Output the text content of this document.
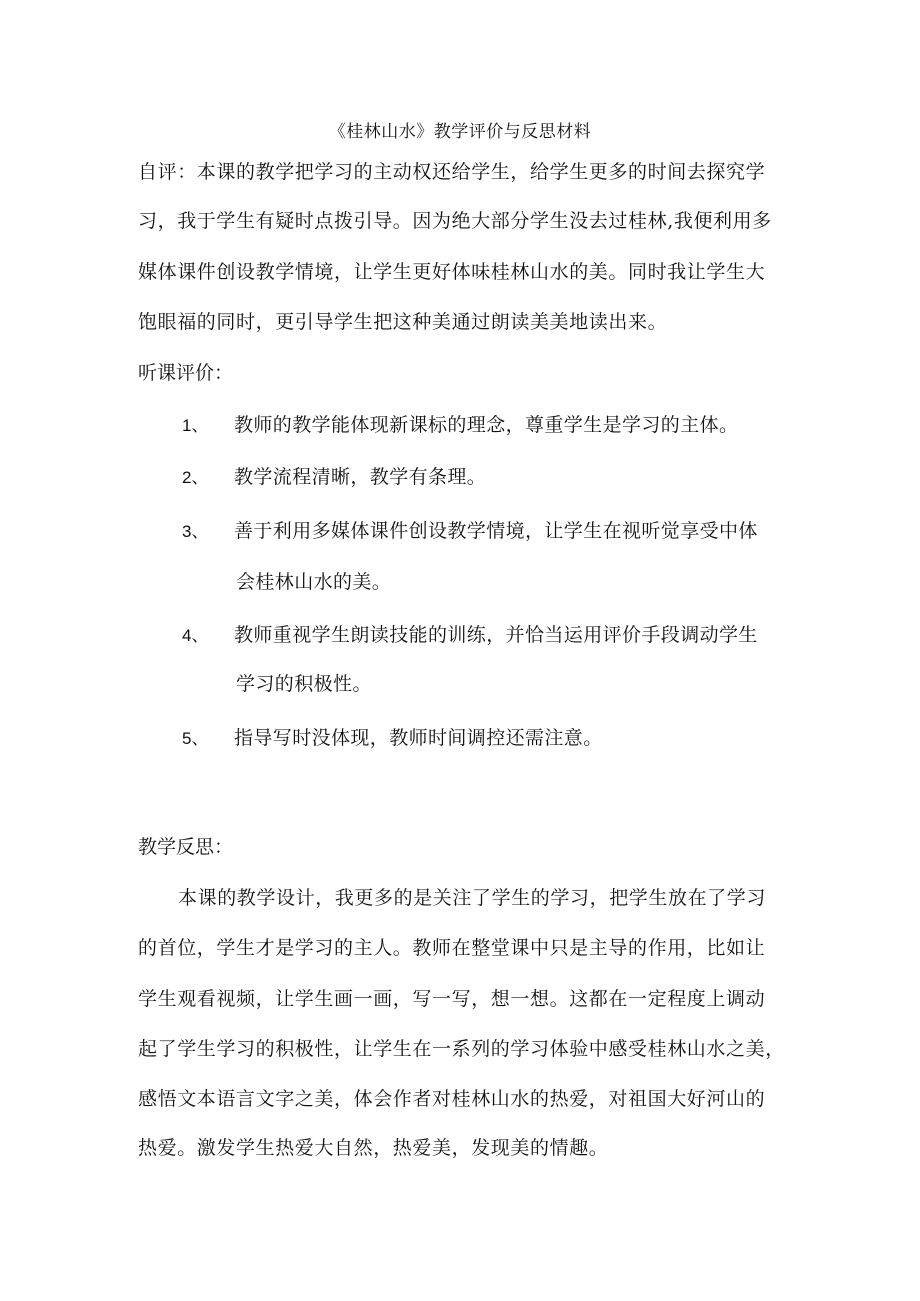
《桂林山水》教学评价与反思材料
自评：本课的教学把学习的主动权还给学生，给学生更多的时间去探究学
习，我于学生有疑时点拨引导。因为绝大部分学生没去过桂林,我便利用多
媒体课件创设教学情境，让学生更好体味桂林山水的美。同时我让学生大
饱眼福的同时，更引导学生把这种美通过朗读美美地读出来。
听课评价：
1、 教师的教学能体现新课标的理念，尊重学生是学习的主体。
2、 教学流程清晰，教学有条理。
3、 善于利用多媒体课件创设教学情境，让学生在视听觉享受中体
会桂林山水的美。
4、 教师重视学生朗读技能的训练，并恰当运用评价手段调动学生
学习的积极性。
5、 指导写时没体现，教师时间调控还需注意。
教学反思：
本课的教学设计，我更多的是关注了学生的学习，把学生放在了学习
的首位，学生才是学习的主人。教师在整堂课中只是主导的作用，比如让
学生观看视频，让学生画一画，写一写，想一想。这都在一定程度上调动
起了学生学习的积极性，让学生在一系列的学习体验中感受桂林山水之美，
感悟文本语言文字之美，体会作者对桂林山水的热爱，对祖国大好河山的
热爱。激发学生热爱大自然，热爱美，发现美的情趣。
